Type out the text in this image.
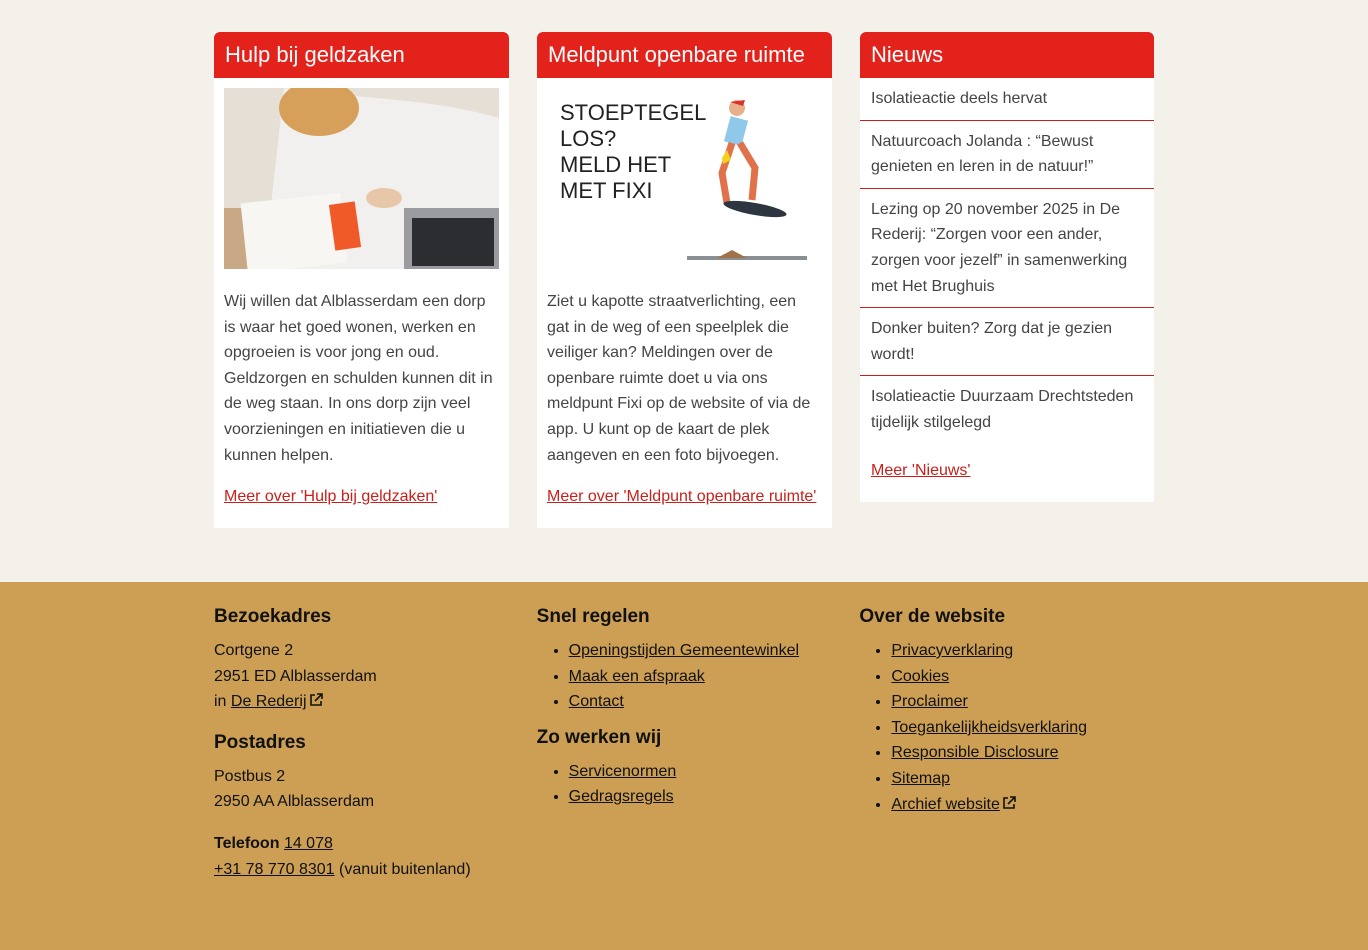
Hulp bij geldzaken
Wij willen dat Alblasserdam een dorp is waar het goed wonen, werken en opgroeien is voor jong en oud. Geldzorgen en schulden kunnen dit in de weg staan. In ons dorp zijn veel voorzieningen en initiatieven die u kunnen helpen.
Meer over 'Hulp bij geldzaken'
Meldpunt openbare ruimte
STOEPTEGEL
LOS?
MELD HET
MET FIXI
Ziet u kapotte straatverlichting, een gat in de weg of een speelplek die veiliger kan? Meldingen over de openbare ruimte doet u via ons meldpunt Fixi op de website of via de app. U kunt op de kaart de plek aangeven en een foto bijvoegen.
Meer over 'Meldpunt openbare ruimte'
Nieuws
Isolatieactie deels hervat
Natuurcoach Jolanda : “Bewust genieten en leren in de natuur!”
Lezing op 20 november 2025 in De Rederij: “Zorgen voor een ander, zorgen voor jezelf” in samenwerking met Het Brughuis
Donker buiten? Zorg dat je gezien wordt!
Isolatieactie Duurzaam Drechtsteden tijdelijk stilgelegd
Meer 'Nieuws'
Bezoekadres

Cortgene 2
2951 ED Alblasserdam
in De Rederij

Postadres

Postbus 2
2950 AA Alblasserdam

Telefoon 14 078
+31 78 770 8301 (vanuit buitenland)

Snel regelen
• Openingstijden Gemeentewinkel
• Maak een afspraak
• Contact
Zo werken wij
• Servicenormen
• Gedragsregels
Over de website
• Privacyverklaring
• Cookies
• Proclaimer
• Toegankelijkheidsverklaring
• Responsible Disclosure
• Sitemap
• Archief website
